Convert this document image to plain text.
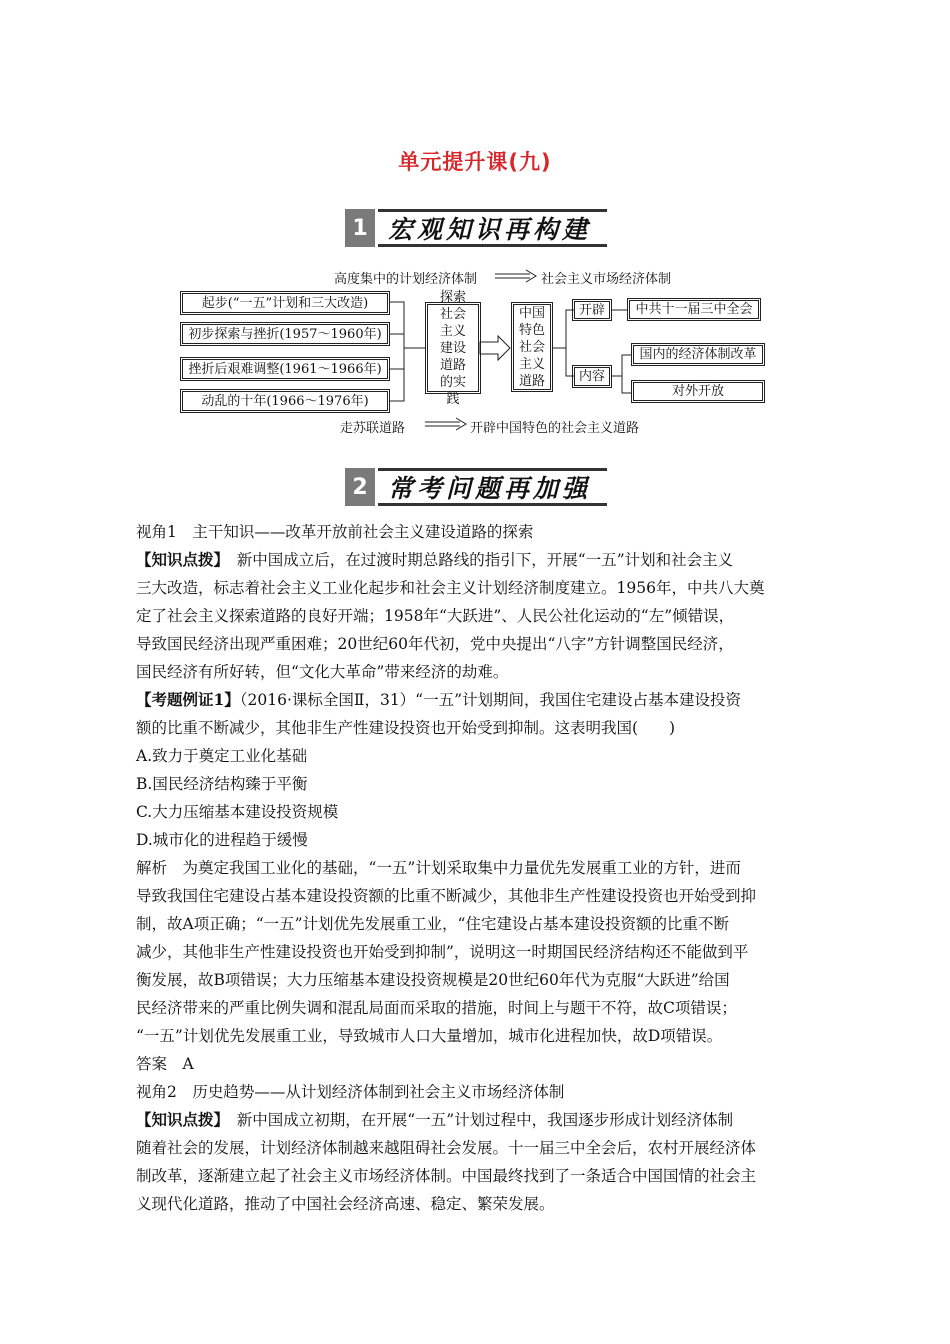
单元提升课(九)
1 宏观知识再构建
高度集中的计划经济体制	社会主义市场经济体制
起步(“一五”计划和三大改造)
初步探索与挫折(1957～1960年)
挫折后艰难调整(1961～1966年)
动乱的十年(1966～1976年)
探索社会主义建设道路的实践
中国特色社会主义道路
开辟	中共十一届三中全会
内容
国内的经济体制改革
对外开放
走苏联道路	开辟中国特色的社会主义道路
2 常考问题再加强
视角1　主干知识——改革开放前社会主义建设道路的探索
【知识点拨】　新中国成立后，在过渡时期总路线的指引下，开展“一五”计划和社会主义
三大改造，标志着社会主义工业化起步和社会主义计划经济制度建立。1956年，中共八大奠
定了社会主义探索道路的良好开端；1958年“大跃进”、人民公社化运动的“左”倾错误，
导致国民经济出现严重困难；20世纪60年代初，党中央提出“八字”方针调整国民经济，
国民经济有所好转，但“文化大革命”带来经济的劫难。
【考题例证1】（2016·课标全国Ⅱ，31）“一五”计划期间，我国住宅建设占基本建设投资
额的比重不断减少，其他非生产性建设投资也开始受到抑制。这表明我国(　　)
A.致力于奠定工业化基础
B.国民经济结构臻于平衡
C.大力压缩基本建设投资规模
D.城市化的进程趋于缓慢
解析　为奠定我国工业化的基础，“一五”计划采取集中力量优先发展重工业的方针，进而
导致我国住宅建设占基本建设投资额的比重不断减少，其他非生产性建设投资也开始受到抑
制，故A项正确；“一五”计划优先发展重工业，“住宅建设占基本建设投资额的比重不断
减少，其他非生产性建设投资也开始受到抑制”，说明这一时期国民经济结构还不能做到平
衡发展，故B项错误；大力压缩基本建设投资规模是20世纪60年代为克服“大跃进”给国
民经济带来的严重比例失调和混乱局面而采取的措施，时间上与题干不符，故C项错误；
“一五”计划优先发展重工业，导致城市人口大量增加，城市化进程加快，故D项错误。
答案　A
视角2　历史趋势——从计划经济体制到社会主义市场经济体制
【知识点拨】　新中国成立初期，在开展“一五”计划过程中，我国逐步形成计划经济体制
随着社会的发展，计划经济体制越来越阻碍社会发展。十一届三中全会后，农村开展经济体
制改革，逐渐建立起了社会主义市场经济体制。中国最终找到了一条适合中国国情的社会主
义现代化道路，推动了中国社会经济高速、稳定、繁荣发展。
